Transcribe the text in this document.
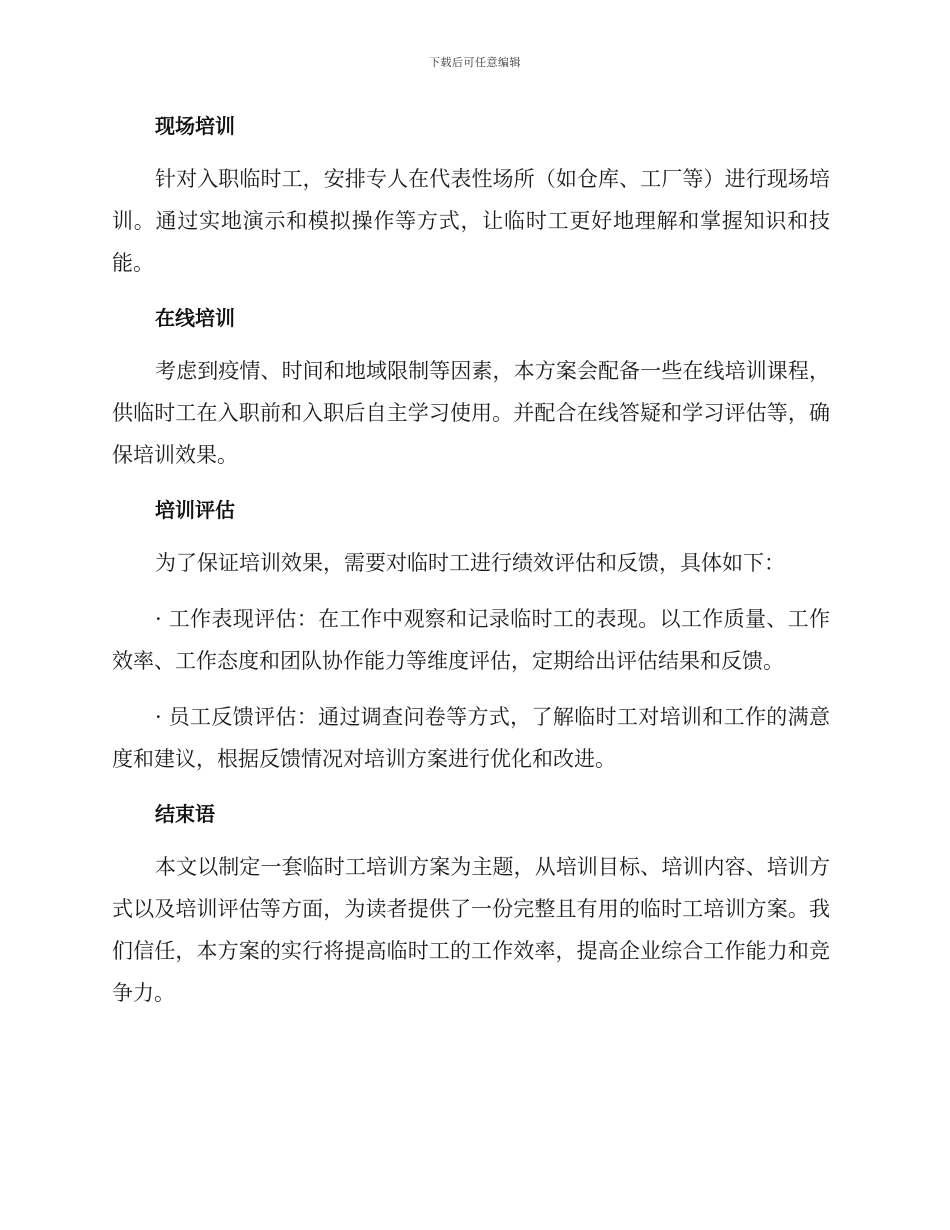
下载后可任意编辑
现场培训

针对入职临时工，安排专人在代表性场所（如仓库、工厂等）进行现场培训。通过实地演示和模拟操作等方式，让临时工更好地理解和掌握知识和技能。

在线培训

考虑到疫情、时间和地域限制等因素，本方案会配备一些在线培训课程，供临时工在入职前和入职后自主学习使用。并配合在线答疑和学习评估等，确保培训效果。

培训评估

为了保证培训效果，需要对临时工进行绩效评估和反馈，具体如下：

· 工作表现评估：在工作中观察和记录临时工的表现。以工作质量、工作效率、工作态度和团队协作能力等维度评估，定期给出评估结果和反馈。

· 员工反馈评估：通过调查问卷等方式，了解临时工对培训和工作的满意度和建议，根据反馈情况对培训方案进行优化和改进。

结束语

本文以制定一套临时工培训方案为主题，从培训目标、培训内容、培训方式以及培训评估等方面，为读者提供了一份完整且有用的临时工培训方案。我们信任，本方案的实行将提高临时工的工作效率，提高企业综合工作能力和竞争力。
